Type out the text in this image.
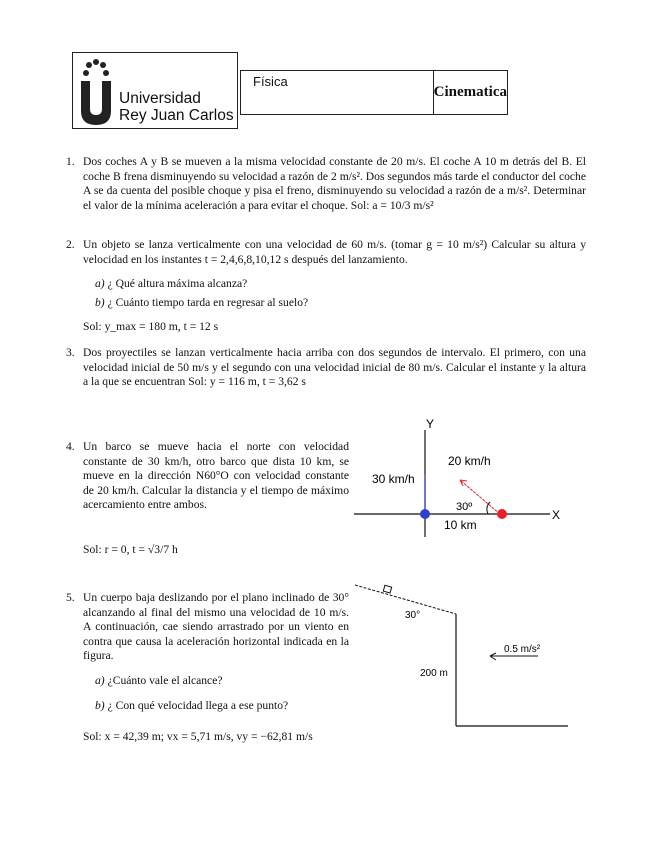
Universidad
Rey Juan Carlos
Física
Cinematica
1. Dos coches A y B se mueven a la misma velocidad constante de 20 m/s. El coche A 10 m detrás del B. El coche B frena disminuyendo su velocidad a razón de 2 m/s². Dos segundos más tarde el conductor del coche A se da cuenta del posible choque y pisa el freno, disminuyendo su velocidad a razón de a m/s². Determinar el valor de la mínima aceleración a para evitar el choque. Sol: a = 10/3 m/s²
2. Un objeto se lanza verticalmente con una velocidad de 60 m/s. (tomar g = 10 m/s²) Calcular su altura y velocidad en los instantes t = 2,4,6,8,10,12 s después del lanzamiento.
a) ¿ Qué altura máxima alcanza?
b) ¿ Cuánto tiempo tarda en regresar al suelo?
Sol: y_max = 180 m, t = 12 s
3. Dos proyectiles se lanzan verticalmente hacia arriba con dos segundos de intervalo. El primero, con una velocidad inicial de 50 m/s y el segundo con una velocidad inicial de 80 m/s. Calcular el instante y la altura a la que se encuentran Sol: y = 116 m, t = 3,62 s
4. Un barco se mueve hacia el norte con velocidad constante de 30 km/h, otro barco que dista 10 km, se mueve en la dirección N60°O con velocidad constante de 20 km/h. Calcular la distancia y el tiempo de máximo acercamiento entre ambos.
Sol: r = 0, t = √3/7 h
Y
X
30 km/h
20 km/h
30º
10 km
5. Un cuerpo baja deslizando por el plano inclinado de 30° alcanzando al final del mismo una velocidad de 10 m/s. A continuación, cae siendo arrastrado por un viento en contra que causa la aceleración horizontal indicada en la figura.
a) ¿Cuánto vale el alcance?
b) ¿ Con qué velocidad llega a ese punto?
Sol: x = 42,39 m; vx = 5,71 m/s, vy = −62,81 m/s
30°
200 m
0.5 m/s²
